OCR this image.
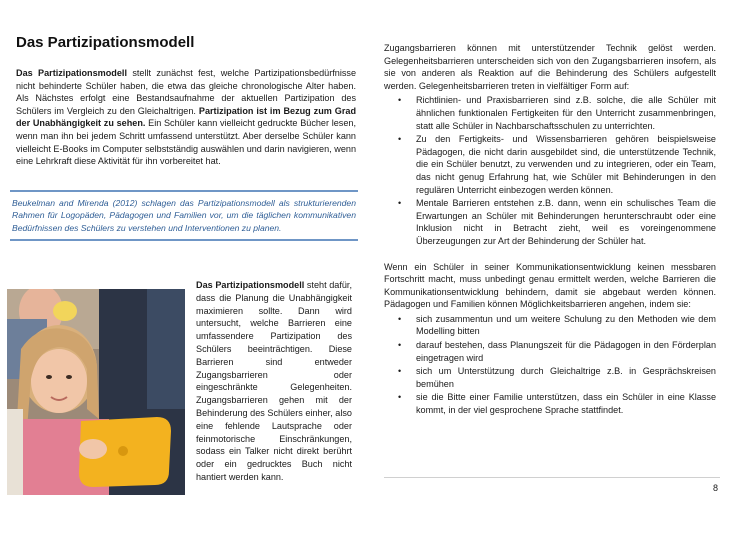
Das Partizipationsmodell

Das Partizipationsmodell stellt zunächst fest, welche Partizipationsbedürfnisse nicht behinderte Schüler haben, die etwa das gleiche chronologische Alter haben. Als Nächstes erfolgt eine Bestandsaufnahme der aktuellen Partizipation des Schülers im Vergleich zu den Gleichaltrigen. Partizipation ist im Bezug zum Grad der Unabhängigkeit zu sehen. Ein Schüler kann vielleicht gedruckte Bücher lesen, wenn man ihn bei jedem Schritt umfassend unterstützt. Aber derselbe Schüler kann vielleicht E-Books im Computer selbstständig auswählen und darin navigieren, wenn eine Lehrkraft diese Aktivität für ihn vorbereitet hat.

Beukelman and Mirenda (2012) schlagen das Partizipationsmodell als strukturierenden Rahmen für Logopäden, Pädagogen und Familien vor, um die täglichen kommunikativen Bedürfnissen des Schülers zu verstehen und Interventionen zu planen.

Das Partizipationsmodell steht dafür, dass die Planung die Unabhängigkeit maximieren sollte. Dann wird untersucht, welche Barrieren eine umfassendere Partizipation des Schülers beeinträchtigen. Diese Barrieren sind entweder Zugangsbarrieren oder eingeschränkte Gelegenheiten. Zugangsbarrieren gehen mit der Behinderung des Schülers einher, also eine fehlende Lautsprache oder feinmotorische Einschränkungen, sodass ein Talker nicht direkt berührt oder ein gedrucktes Buch nicht hantiert werden kann.

Zugangsbarrieren können mit unterstützender Technik gelöst werden. Gelegenheitsbarrieren unterscheiden sich von den Zugangsbarrieren insofern, als sie von anderen als Reaktion auf die Behinderung des Schülers aufgestellt werden. Gelegenheitsbarrieren treten in vielfältiger Form auf:

• Richtlinien- und Praxisbarrieren sind z.B. solche, die alle Schüler mit ähnlichen funktionalen Fertigkeiten für den Unterricht zusammenbringen, statt alle Schüler in Nachbarschaftsschulen zu unterrichten.
• Zu den Fertigkeits- und Wissensbarrieren gehören beispielsweise Pädagogen, die nicht darin ausgebildet sind, die unterstützende Technik, die ein Schüler benutzt, zu verwenden und zu integrieren, oder ein Team, das nicht genug Erfahrung hat, wie Schüler mit Behinderungen in den regulären Unterricht einbezogen werden können.
• Mentale Barrieren entstehen z.B. dann, wenn ein schulisches Team die Erwartungen an Schüler mit Behinderungen herunterschraubt oder eine Inklusion nicht in Betracht zieht, weil es voreingenommene Überzeugungen zur Art der Behinderung der Schüler hat.

Wenn ein Schüler in seiner Kommunikationsentwicklung keinen messbaren Fortschritt macht, muss unbedingt genau ermittelt werden, welche Barrieren die Kommunikationsentwicklung behindern, damit sie abgebaut werden können. Pädagogen und Familien können Möglichkeitsbarrieren angehen, indem sie:

• sich zusammentun und um weitere Schulung zu den Methoden wie dem Modelling bitten
• darauf bestehen, dass Planungszeit für die Pädagogen in den Förderplan eingetragen wird
• sich um Unterstützung durch Gleichaltrige z.B. in Gesprächskreisen bemühen
• sie die Bitte einer Familie unterstützen, dass ein Schüler in eine Klasse kommt, in der viel gesprochene Sprache stattfindet.
8
